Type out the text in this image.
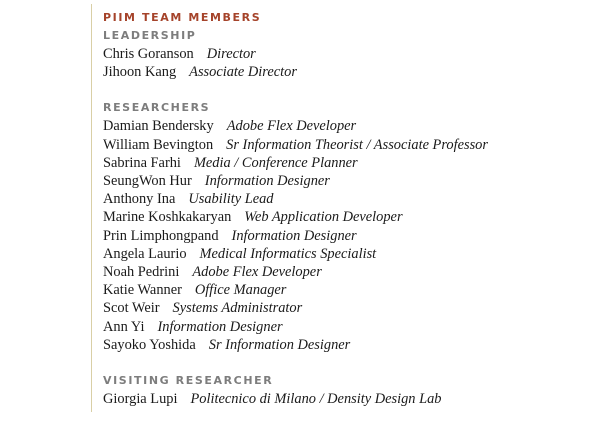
PIIM TEAM MEMBERS
LEADERSHIP
Chris Goranson Director
Jihoon Kang Associate Director
RESEARCHERS
Damian Bendersky Adobe Flex Developer
William Bevington Sr Information Theorist / Associate Professor
Sabrina Farhi Media / Conference Planner
SeungWon Hur Information Designer
Anthony Ina Usability Lead
Marine Koshkakaryan Web Application Developer
Prin Limphongpand Information Designer
Angela Laurio Medical Informatics Specialist
Noah Pedrini Adobe Flex Developer
Katie Wanner Office Manager
Scot Weir Systems Administrator
Ann Yi Information Designer
Sayoko Yoshida Sr Information Designer
VISITING RESEARCHER
Giorgia Lupi Politecnico di Milano / Density Design Lab
